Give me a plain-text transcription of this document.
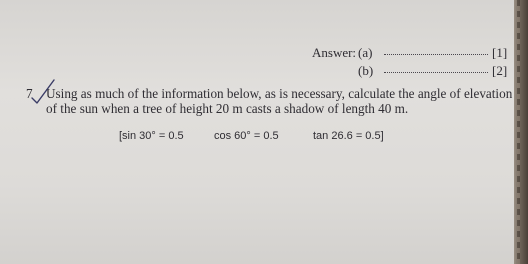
Answer: (a)	[1]
(b)	[2]
7 Using as much of the information below, as is necessary, calculate the angle of elevation
of the sun when a tree of height 20 m casts a shadow of length 40 m.
[sin 30° = 0.5	cos 60° = 0.5	tan 26.6 = 0.5]
